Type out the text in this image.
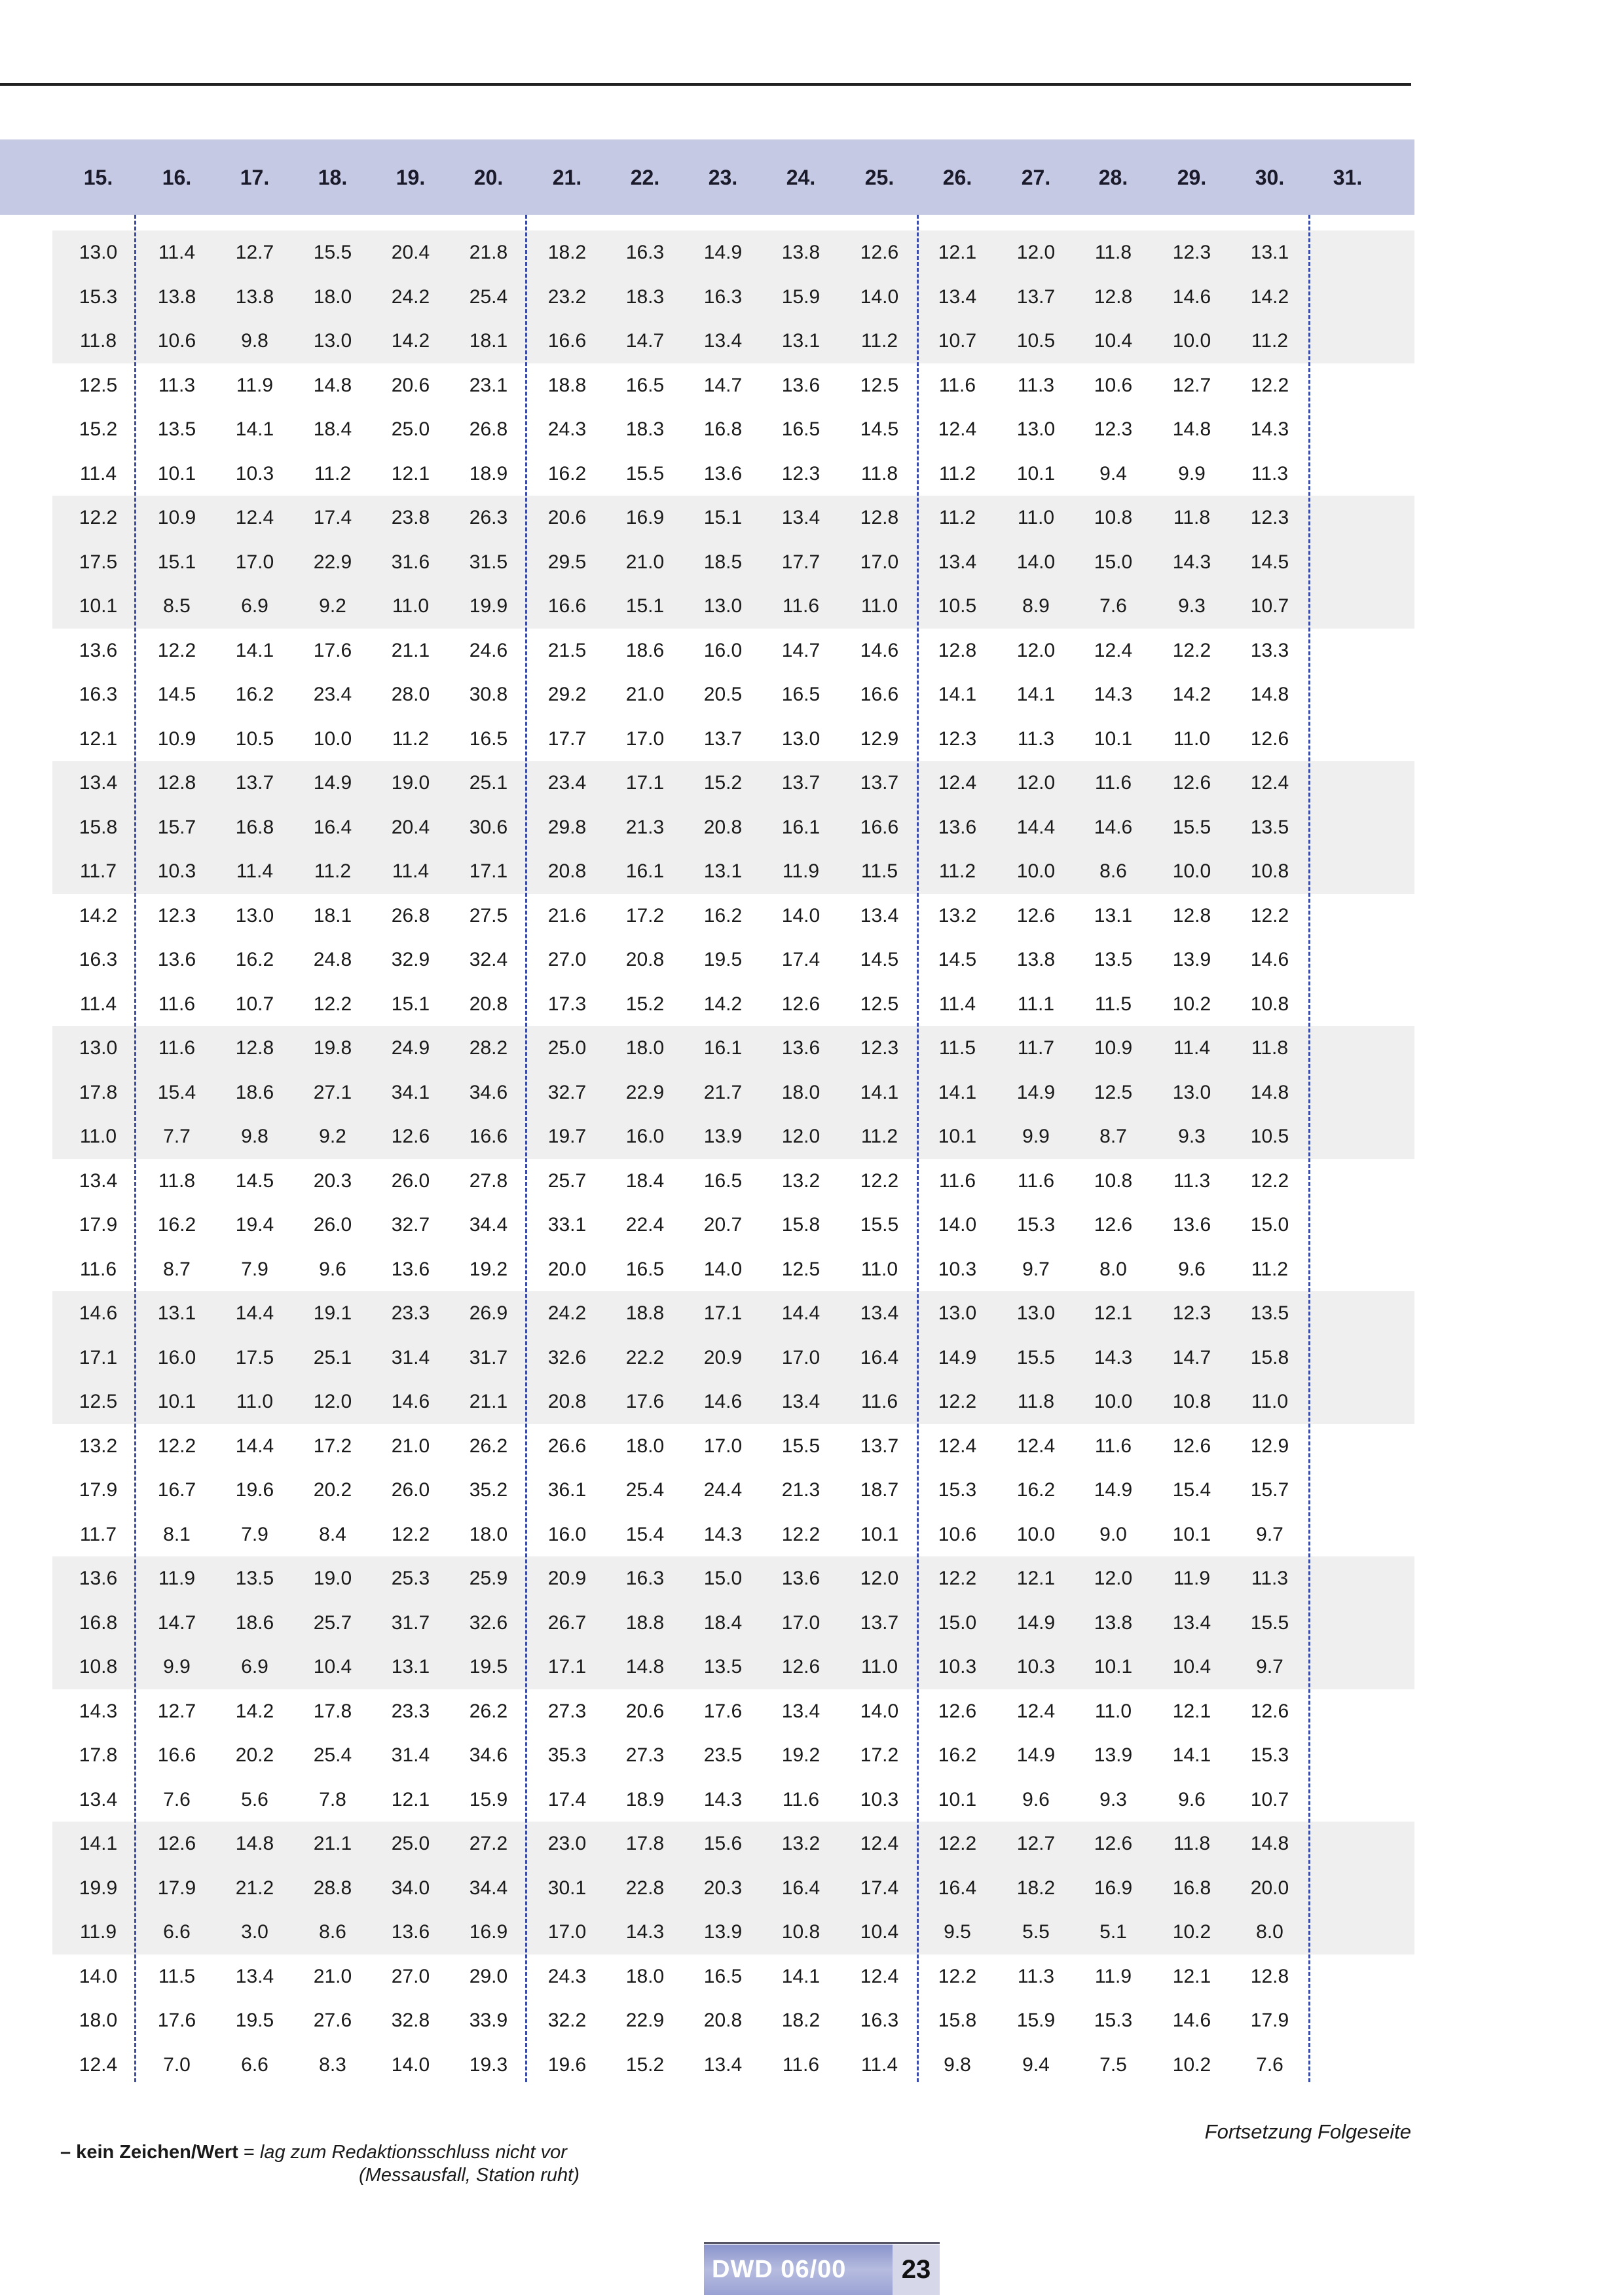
15.	16.	17.	18.	19.	20.	21.	22.	23.	24.	25.	26.	27.	28.	29.	30.	31.
13.0	11.4	12.7	15.5	20.4	21.8	18.2	16.3	14.9	13.8	12.6	12.1	12.0	11.8	12.3	13.1
15.3	13.8	13.8	18.0	24.2	25.4	23.2	18.3	16.3	15.9	14.0	13.4	13.7	12.8	14.6	14.2
11.8	10.6	9.8	13.0	14.2	18.1	16.6	14.7	13.4	13.1	11.2	10.7	10.5	10.4	10.0	11.2
12.5	11.3	11.9	14.8	20.6	23.1	18.8	16.5	14.7	13.6	12.5	11.6	11.3	10.6	12.7	12.2
15.2	13.5	14.1	18.4	25.0	26.8	24.3	18.3	16.8	16.5	14.5	12.4	13.0	12.3	14.8	14.3
11.4	10.1	10.3	11.2	12.1	18.9	16.2	15.5	13.6	12.3	11.8	11.2	10.1	9.4	9.9	11.3
12.2	10.9	12.4	17.4	23.8	26.3	20.6	16.9	15.1	13.4	12.8	11.2	11.0	10.8	11.8	12.3
17.5	15.1	17.0	22.9	31.6	31.5	29.5	21.0	18.5	17.7	17.0	13.4	14.0	15.0	14.3	14.5
10.1	8.5	6.9	9.2	11.0	19.9	16.6	15.1	13.0	11.6	11.0	10.5	8.9	7.6	9.3	10.7
13.6	12.2	14.1	17.6	21.1	24.6	21.5	18.6	16.0	14.7	14.6	12.8	12.0	12.4	12.2	13.3
16.3	14.5	16.2	23.4	28.0	30.8	29.2	21.0	20.5	16.5	16.6	14.1	14.1	14.3	14.2	14.8
12.1	10.9	10.5	10.0	11.2	16.5	17.7	17.0	13.7	13.0	12.9	12.3	11.3	10.1	11.0	12.6
13.4	12.8	13.7	14.9	19.0	25.1	23.4	17.1	15.2	13.7	13.7	12.4	12.0	11.6	12.6	12.4
15.8	15.7	16.8	16.4	20.4	30.6	29.8	21.3	20.8	16.1	16.6	13.6	14.4	14.6	15.5	13.5
11.7	10.3	11.4	11.2	11.4	17.1	20.8	16.1	13.1	11.9	11.5	11.2	10.0	8.6	10.0	10.8
14.2	12.3	13.0	18.1	26.8	27.5	21.6	17.2	16.2	14.0	13.4	13.2	12.6	13.1	12.8	12.2
16.3	13.6	16.2	24.8	32.9	32.4	27.0	20.8	19.5	17.4	14.5	14.5	13.8	13.5	13.9	14.6
11.4	11.6	10.7	12.2	15.1	20.8	17.3	15.2	14.2	12.6	12.5	11.4	11.1	11.5	10.2	10.8
13.0	11.6	12.8	19.8	24.9	28.2	25.0	18.0	16.1	13.6	12.3	11.5	11.7	10.9	11.4	11.8
17.8	15.4	18.6	27.1	34.1	34.6	32.7	22.9	21.7	18.0	14.1	14.1	14.9	12.5	13.0	14.8
11.0	7.7	9.8	9.2	12.6	16.6	19.7	16.0	13.9	12.0	11.2	10.1	9.9	8.7	9.3	10.5
13.4	11.8	14.5	20.3	26.0	27.8	25.7	18.4	16.5	13.2	12.2	11.6	11.6	10.8	11.3	12.2
17.9	16.2	19.4	26.0	32.7	34.4	33.1	22.4	20.7	15.8	15.5	14.0	15.3	12.6	13.6	15.0
11.6	8.7	7.9	9.6	13.6	19.2	20.0	16.5	14.0	12.5	11.0	10.3	9.7	8.0	9.6	11.2
14.6	13.1	14.4	19.1	23.3	26.9	24.2	18.8	17.1	14.4	13.4	13.0	13.0	12.1	12.3	13.5
17.1	16.0	17.5	25.1	31.4	31.7	32.6	22.2	20.9	17.0	16.4	14.9	15.5	14.3	14.7	15.8
12.5	10.1	11.0	12.0	14.6	21.1	20.8	17.6	14.6	13.4	11.6	12.2	11.8	10.0	10.8	11.0
13.2	12.2	14.4	17.2	21.0	26.2	26.6	18.0	17.0	15.5	13.7	12.4	12.4	11.6	12.6	12.9
17.9	16.7	19.6	20.2	26.0	35.2	36.1	25.4	24.4	21.3	18.7	15.3	16.2	14.9	15.4	15.7
11.7	8.1	7.9	8.4	12.2	18.0	16.0	15.4	14.3	12.2	10.1	10.6	10.0	9.0	10.1	9.7
13.6	11.9	13.5	19.0	25.3	25.9	20.9	16.3	15.0	13.6	12.0	12.2	12.1	12.0	11.9	11.3
16.8	14.7	18.6	25.7	31.7	32.6	26.7	18.8	18.4	17.0	13.7	15.0	14.9	13.8	13.4	15.5
10.8	9.9	6.9	10.4	13.1	19.5	17.1	14.8	13.5	12.6	11.0	10.3	10.3	10.1	10.4	9.7
14.3	12.7	14.2	17.8	23.3	26.2	27.3	20.6	17.6	13.4	14.0	12.6	12.4	11.0	12.1	12.6
17.8	16.6	20.2	25.4	31.4	34.6	35.3	27.3	23.5	19.2	17.2	16.2	14.9	13.9	14.1	15.3
13.4	7.6	5.6	7.8	12.1	15.9	17.4	18.9	14.3	11.6	10.3	10.1	9.6	9.3	9.6	10.7
14.1	12.6	14.8	21.1	25.0	27.2	23.0	17.8	15.6	13.2	12.4	12.2	12.7	12.6	11.8	14.8
19.9	17.9	21.2	28.8	34.0	34.4	30.1	22.8	20.3	16.4	17.4	16.4	18.2	16.9	16.8	20.0
11.9	6.6	3.0	8.6	13.6	16.9	17.0	14.3	13.9	10.8	10.4	9.5	5.5	5.1	10.2	8.0
14.0	11.5	13.4	21.0	27.0	29.0	24.3	18.0	16.5	14.1	12.4	12.2	11.3	11.9	12.1	12.8
18.0	17.6	19.5	27.6	32.8	33.9	32.2	22.9	20.8	18.2	16.3	15.8	15.9	15.3	14.6	17.9
12.4	7.0	6.6	8.3	14.0	19.3	19.6	15.2	13.4	11.6	11.4	9.8	9.4	7.5	10.2	7.6
– kein Zeichen/Wert = lag zum Redaktionsschluss nicht vor
(Messausfall, Station ruht)
Fortsetzung Folgeseite
DWD 06/00	23
